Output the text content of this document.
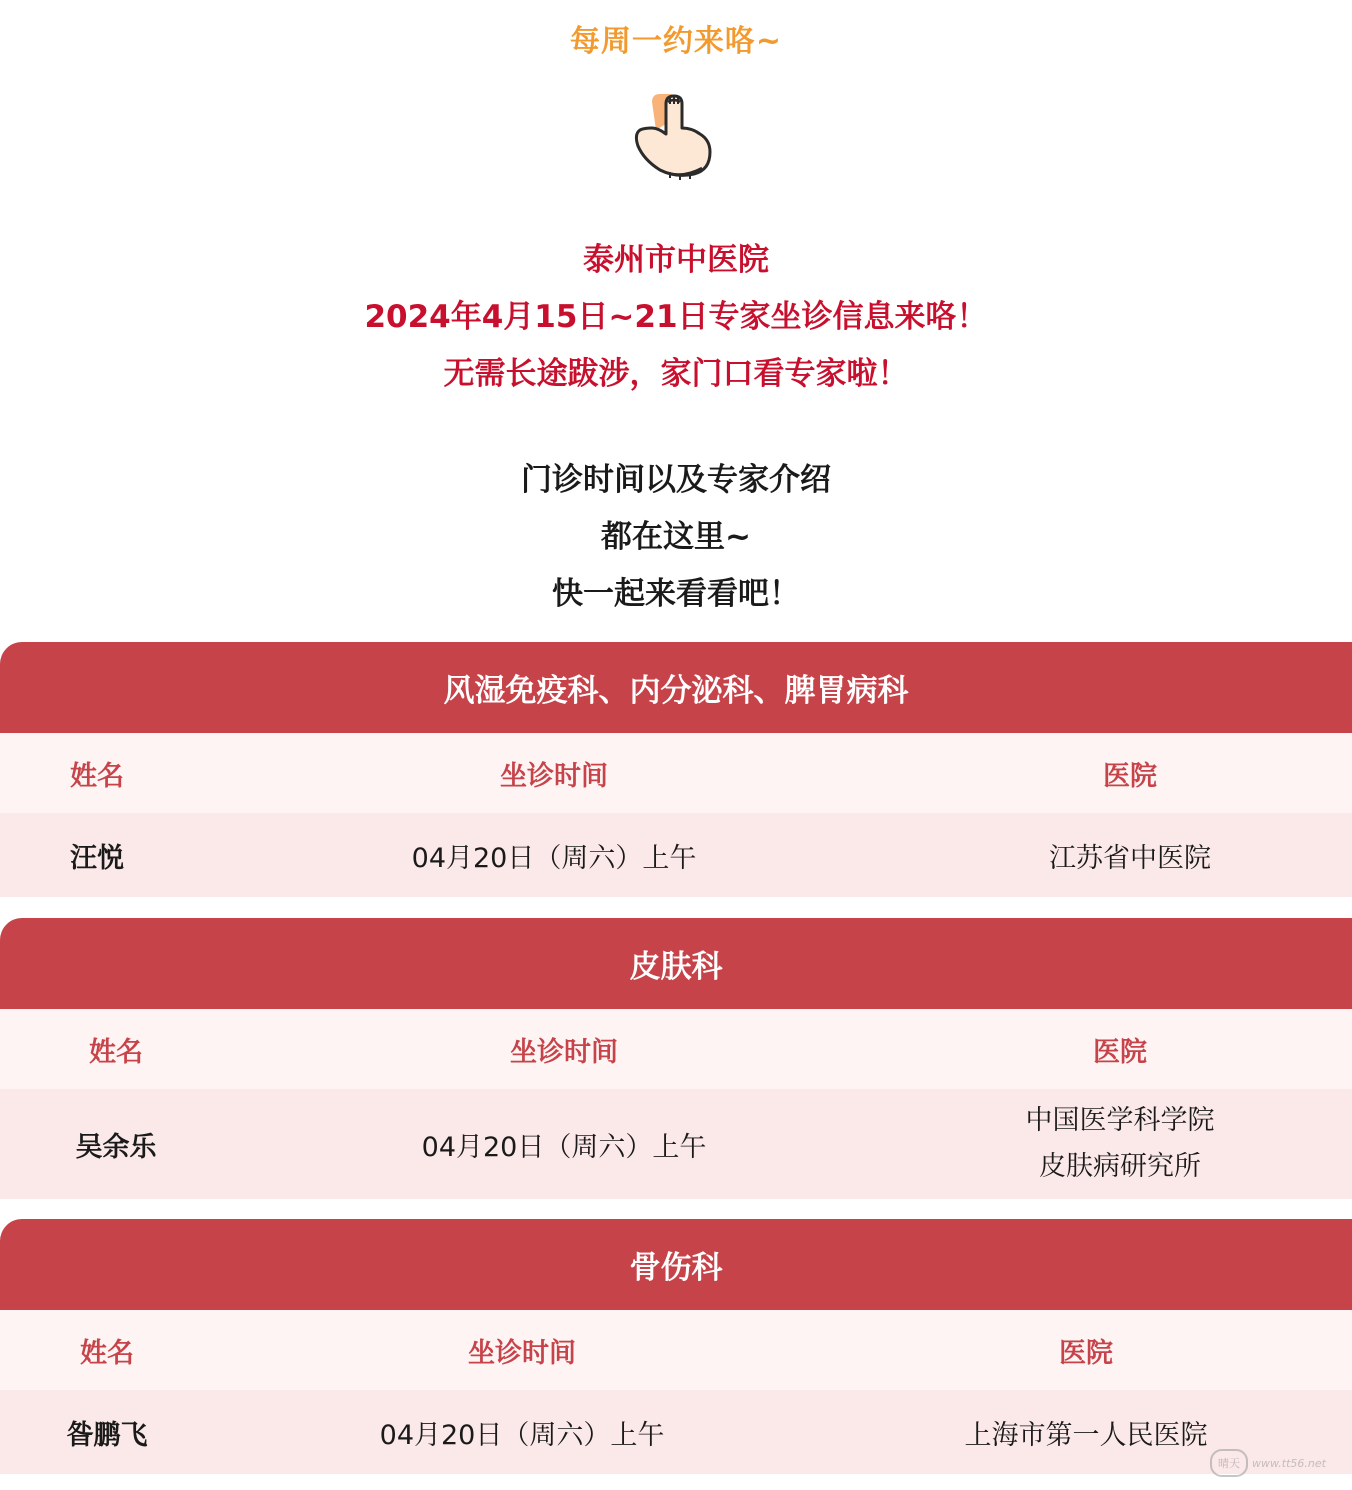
每周一约来咯~
泰州市中医院
2024年4月15日~21日专家坐诊信息来咯！
无需长途跋涉，家门口看专家啦！
门诊时间以及专家介绍
都在这里~
快一起来看看吧！
风湿免疫科、内分泌科、脾胃病科
姓名	坐诊时间	医院
汪悦	04月20日（周六）上午	江苏省中医院
皮肤科
姓名	坐诊时间	医院
吴余乐	04月20日（周六）上午
中国医学科学院
皮肤病研究所
骨伤科
姓名	坐诊时间	医院
昝鹏飞	04月20日（周六）上午	上海市第一人民医院
晴天	www.tt56.net
